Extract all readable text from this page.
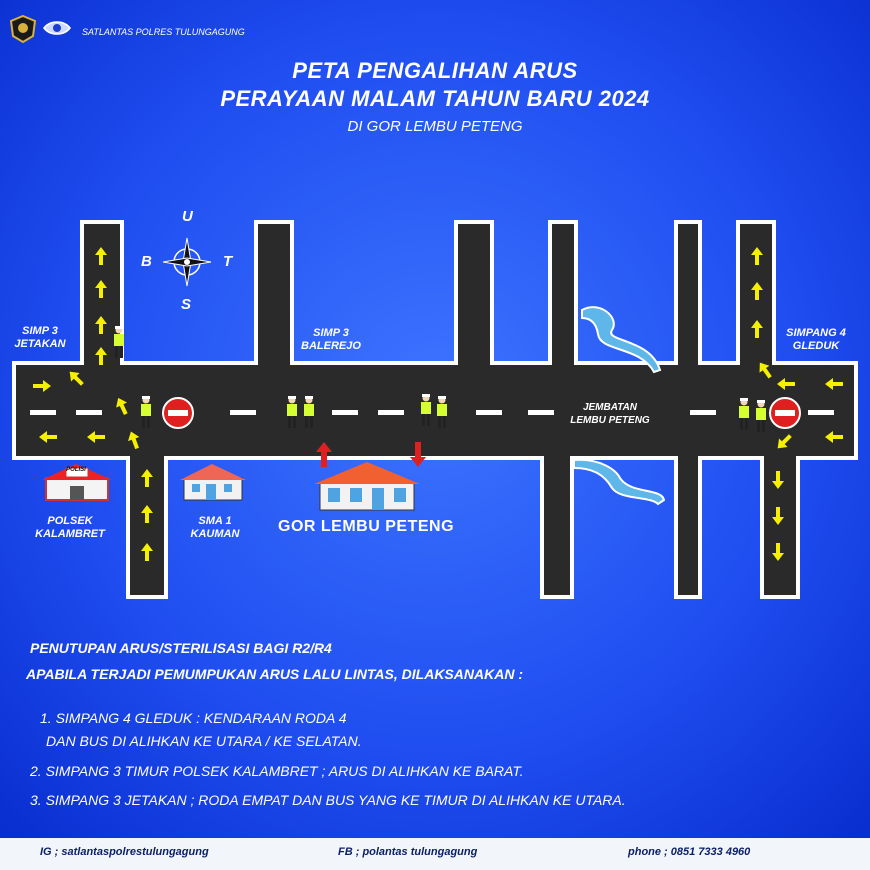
SATLANTAS POLRES TULUNGAGUNG
PETA PENGALIHAN ARUS
PERAYAAN MALAM TAHUN BARU 2024
DI GOR LEMBU PETENG
U
B	T
S
SIMP 3
JETAKAN
SIMP 3
BALEREJO
SIMPANG 4
GLEDUK
JEMBATAN
LEMBU PETENG
POLSEK
KALAMBRET
SMA 1
KAUMAN
POLISI
GOR LEMBU PETENG
PENUTUPAN ARUS/STERILISASI BAGI R2/R4
APABILA TERJADI PEMUMPUKAN ARUS LALU LINTAS, DILAKSANAKAN :
1. SIMPANG 4 GLEDUK : KENDARAAN RODA 4
DAN BUS DI ALIHKAN KE UTARA / KE SELATAN.
2. SIMPANG 3 TIMUR POLSEK KALAMBRET ; ARUS DI ALIHKAN KE BARAT.
3. SIMPANG 3 JETAKAN ; RODA EMPAT DAN BUS YANG KE TIMUR DI ALIHKAN KE UTARA.
IG ; satlantaspolrestulungagung	FB ; polantas tulungagung	phone ; 0851 7333 4960
